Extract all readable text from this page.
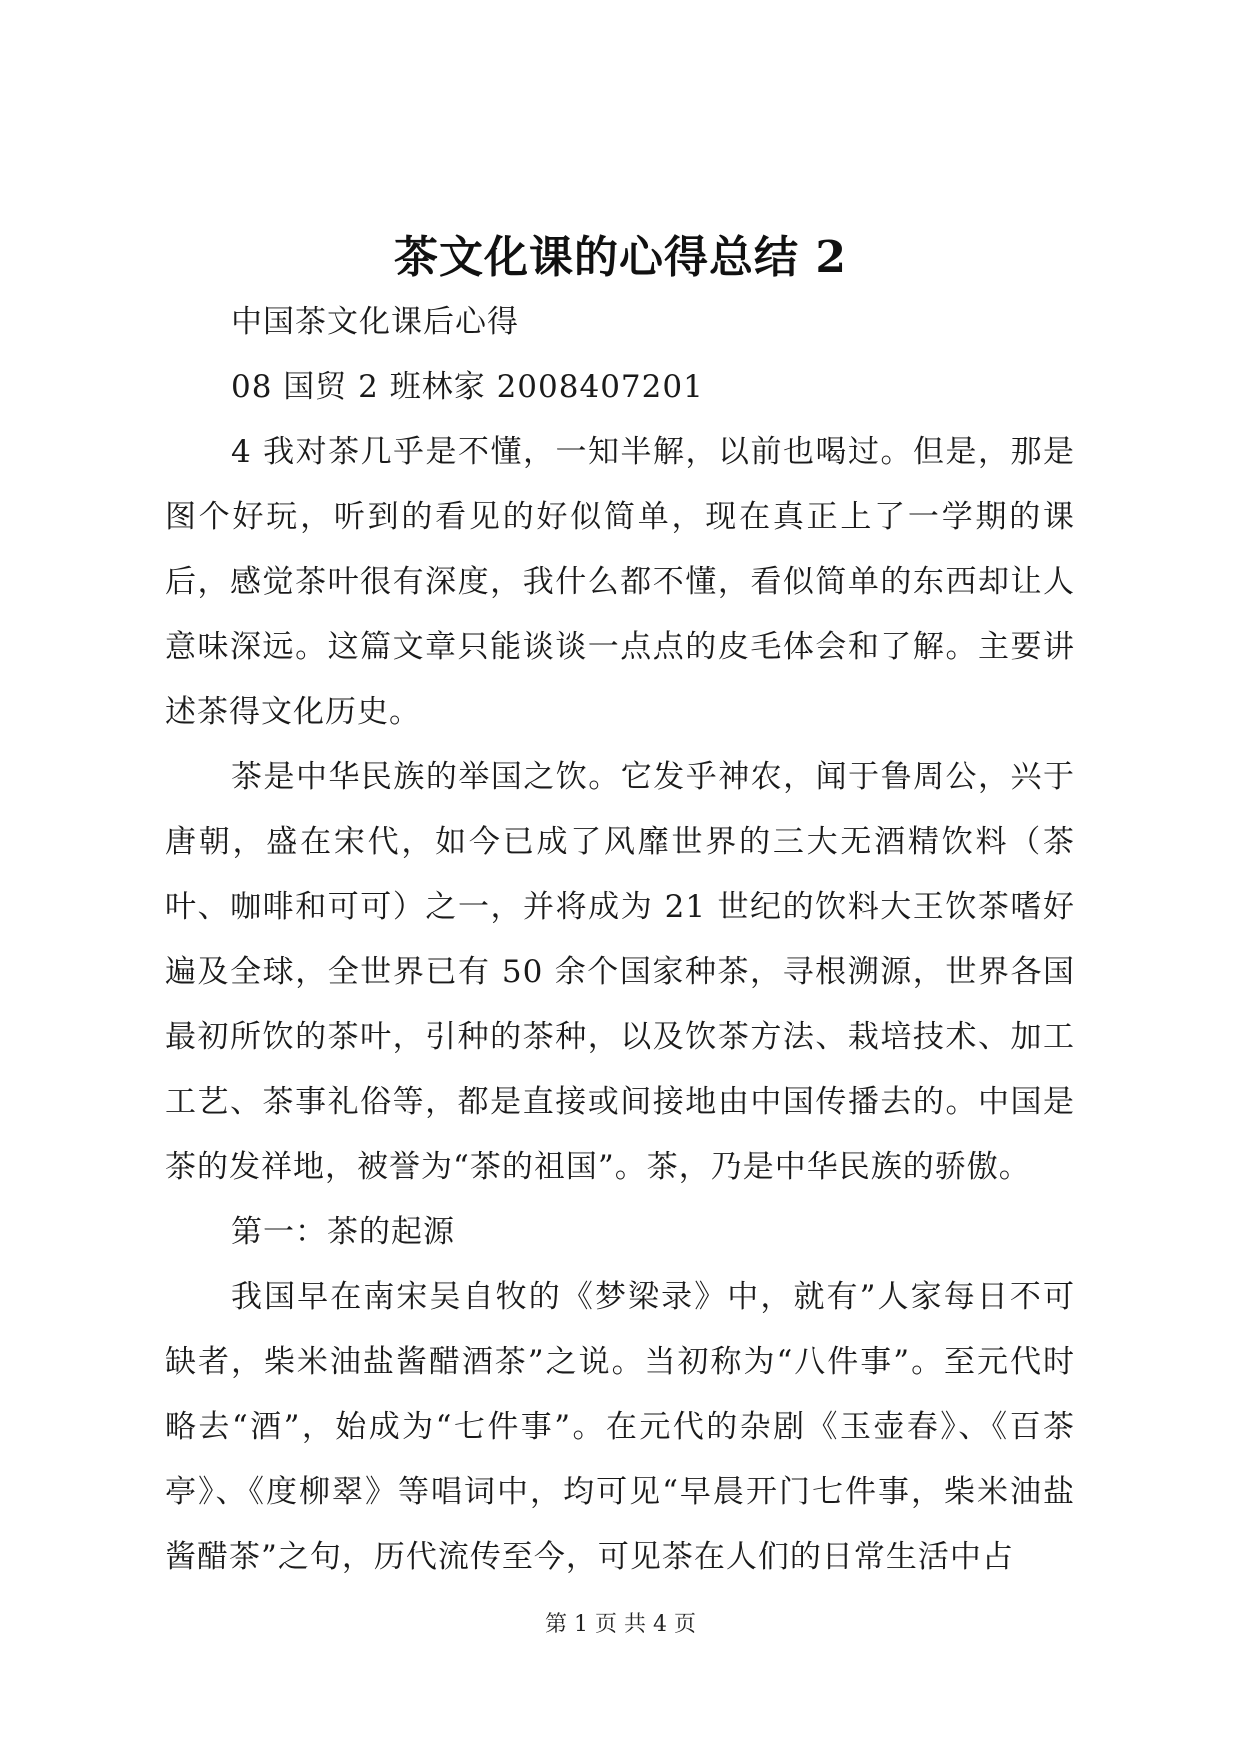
茶文化课的心得总结 2

中国茶文化课后心得

08 国贸 2 班林家 2008407201

4 我对茶几乎是不懂，一知半解，以前也喝过。但是，那是图个好玩，听到的看见的好似简单，现在真正上了一学期的课后，感觉茶叶很有深度，我什么都不懂，看似简单的东西却让人意味深远。这篇文章只能谈谈一点点的皮毛体会和了解。主要讲述茶得文化历史。

茶是中华民族的举国之饮。它发乎神农，闻于鲁周公，兴于唐朝，盛在宋代，如今已成了风靡世界的三大无酒精饮料（茶叶、咖啡和可可）之一，并将成为 21 世纪的饮料大王饮茶嗜好遍及全球，全世界已有 50 余个国家种茶，寻根溯源，世界各国最初所饮的茶叶，引种的茶种，以及饮茶方法、栽培技术、加工工艺、茶事礼俗等，都是直接或间接地由中国传播去的。中国是茶的发祥地，被誉为“茶的祖国”。茶，乃是中华民族的骄傲。

第一：茶的起源

我国早在南宋吴自牧的《梦梁录》中，就有”人家每日不可缺者，柴米油盐酱醋酒茶”之说。当初称为“八件事”。至元代时略去“酒”，始成为“七件事”。在元代的杂剧《玉壶春》、《百茶亭》、《度柳翠》等唱词中，均可见“早晨开门七件事，柴米油盐酱醋茶”之句，历代流传至今，可见茶在人们的日常生活中占

第 1 页 共 4 页
